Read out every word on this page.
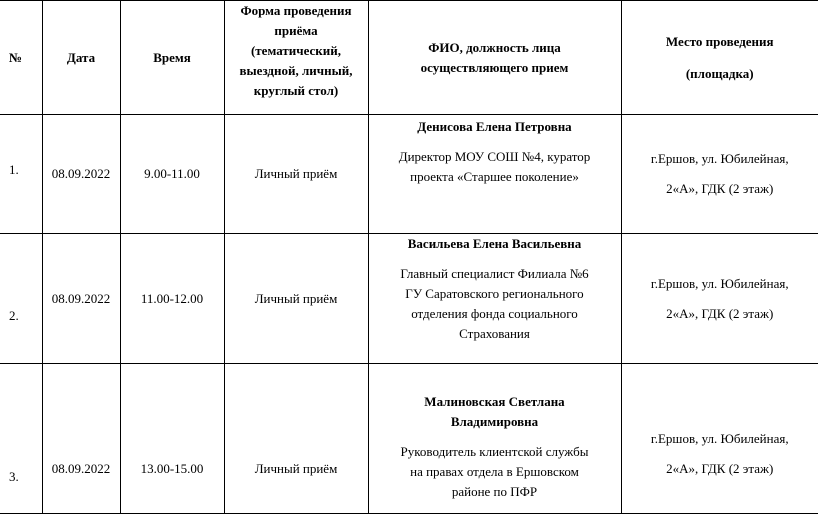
№	Дата	Время	Форма проведения
приёма
(тематический,
выездной, личный,
круглый стол)	ФИО, должность лица
осуществляющего прием	Место проведения
(площадка)

1.	08.09.2022	9.00-11.00	Личный приём	Денисова Елена Петровна
Директор МОУ СОШ №4, куратор
проекта «Старшее поколение»	г.Ершов, ул. Юбилейная,
2«А», ГДК (2 этаж)

2.	08.09.2022	11.00-12.00	Личный приём	Васильева Елена Васильевна
Главный специалист Филиала №6
ГУ Саратовского регионального
отделения фонда социального
Страхования	г.Ершов, ул. Юбилейная,
2«А», ГДК (2 этаж)

3.	08.09.2022	13.00-15.00	Личный приём	Малиновская Светлана
Владимировна
Руководитель клиентской службы
на правах отдела в Ершовском
районе по ПФР	г.Ершов, ул. Юбилейная,
2«А», ГДК (2 этаж)
